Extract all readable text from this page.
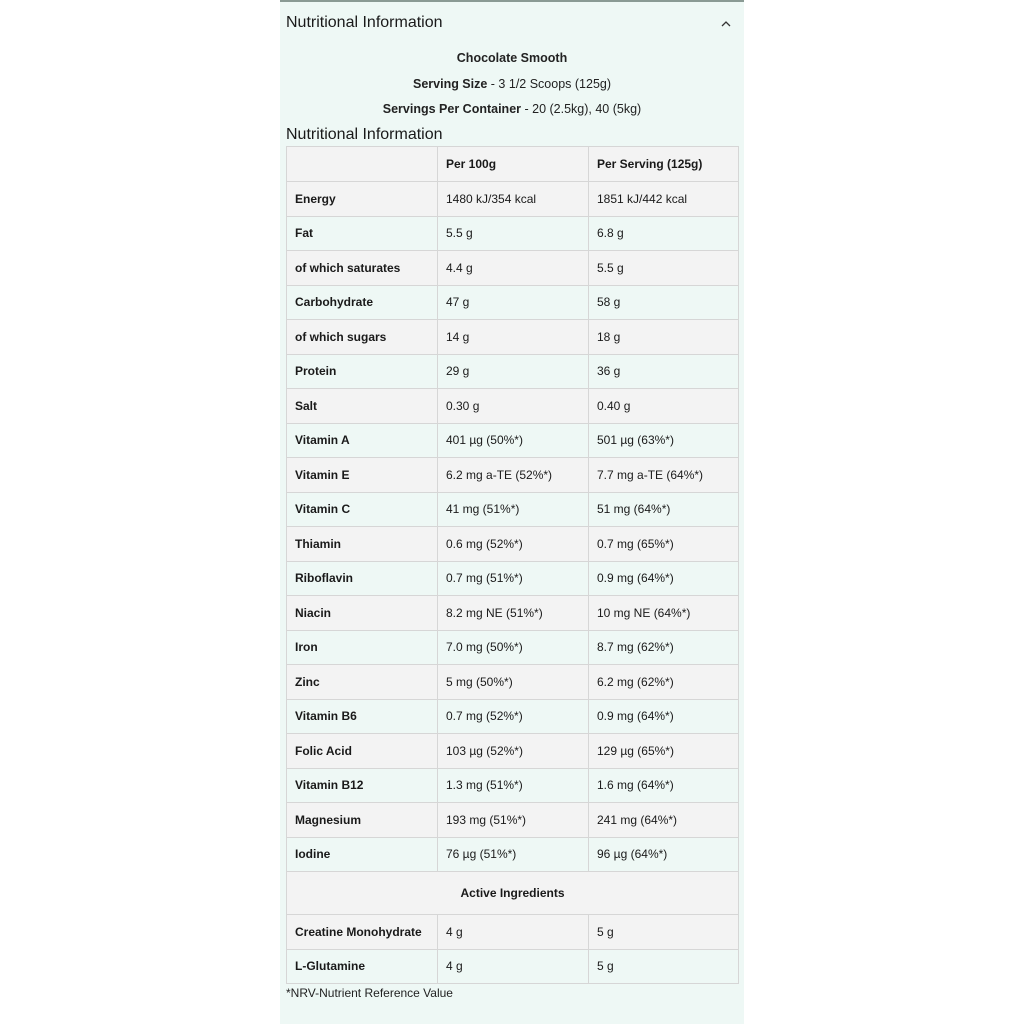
Nutritional Information
Chocolate Smooth
Serving Size - 3 1/2 Scoops (125g)
Servings Per Container - 20 (2.5kg), 40 (5kg)
Nutritional Information
	Per 100g	Per Serving (125g)
Energy	1480 kJ/354 kcal	1851 kJ/442 kcal
Fat	5.5 g	6.8 g
of which saturates	4.4 g	5.5 g
Carbohydrate	47 g	58 g
of which sugars	14 g	18 g
Protein	29 g	36 g
Salt	0.30 g	0.40 g
Vitamin A	401 µg (50%*)	501 µg (63%*)
Vitamin E	6.2 mg a-TE (52%*)	7.7 mg a-TE (64%*)
Vitamin C	41 mg (51%*)	51 mg (64%*)
Thiamin	0.6 mg (52%*)	0.7 mg (65%*)
Riboflavin	0.7 mg (51%*)	0.9 mg (64%*)
Niacin	8.2 mg NE (51%*)	10 mg NE (64%*)
Iron	7.0 mg (50%*)	8.7 mg (62%*)
Zinc	5 mg (50%*)	6.2 mg (62%*)
Vitamin B6	0.7 mg (52%*)	0.9 mg (64%*)
Folic Acid	103 µg (52%*)	129 µg (65%*)
Vitamin B12	1.3 mg (51%*)	1.6 mg (64%*)
Magnesium	193 mg (51%*)	241 mg (64%*)
Iodine	76 µg (51%*)	96 µg (64%*)
Active Ingredients		
Creatine Monohydrate	4 g	5 g
L-Glutamine	4 g	5 g
*NRV-Nutrient Reference Value
